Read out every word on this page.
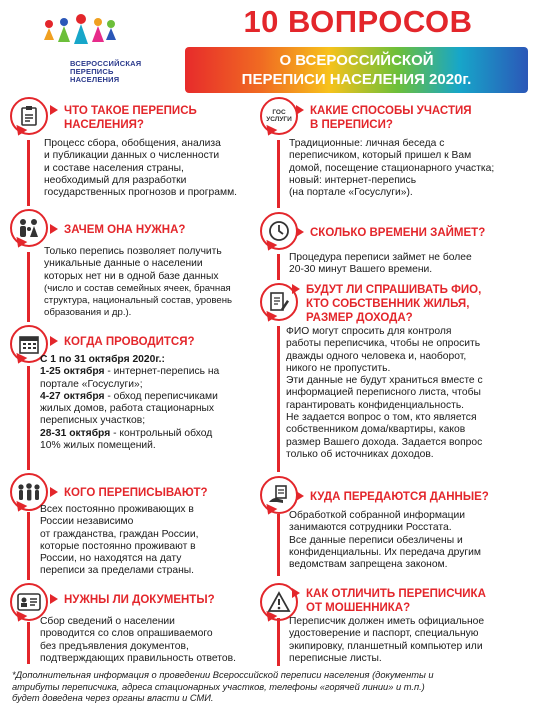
ВСЕРОССИЙСКАЯ
ПЕРЕПИСЬ
НАСЕЛЕНИЯ
10 ВОПРОСОВ
О ВСЕРОССИЙСКОЙ
ПЕРЕПИСИ НАСЕЛЕНИЯ 2020г.
ЧТО ТАКОЕ ПЕРЕПИСЬ
НАСЕЛЕНИЯ?
Процесс сбора, обобщения, анализа
и публикации данных о численности
и составе населения страны,
необходимый для разработки
государственных прогнозов и программ.
ЗАЧЕМ ОНА НУЖНА?
Только перепись позволяет получить
уникальные данные о населении
которых нет ни в одной базе данных
(число и состав семейных ячеек, брачная
структура, национальный состав, уровень
образования и др.).
КОГДА ПРОВОДИТСЯ?
С 1 по 31 октября 2020г.:
1-25 октября - интернет-перепись на
портале «Госуслуги»;
4-27 октября - обход переписчиками
жилых домов, работа стационарных
переписных участков;
28-31 октября - контрольный обход
10% жилых помещений.
КОГО ПЕРЕПИСЫВАЮТ?
Всех постоянно проживающих в
России независимо
от гражданства, граждан России,
которые постоянно проживают в
России, но находятся на дату
переписи за пределами страны.
НУЖНЫ ЛИ ДОКУМЕНТЫ?
Сбор сведений о населении
проводится со слов опрашиваемого
без предъявления документов,
подтверждающих правильность ответов.
ГОС
УСЛУГИ
КАКИЕ СПОСОБЫ УЧАСТИЯ
В ПЕРЕПИСИ?
Традиционные: личная беседа с
переписчиком, который пришел к Вам
домой, посещение стационарного участка;
новый: интернет-перепись
(на портале «Госуслуги»).
СКОЛЬКО ВРЕМЕНИ ЗАЙМЕТ?
Процедура переписи займет не более
20-30 минут Вашего времени.
БУДУТ ЛИ СПРАШИВАТЬ ФИО,
КТО СОБСТВЕННИК ЖИЛЬЯ,
РАЗМЕР ДОХОДА?
ФИО могут спросить для контроля
работы переписчика, чтобы не опросить
дважды одного человека и, наоборот,
никого не пропустить.
Эти данные не будут храниться вместе с
информацией переписного листа, чтобы
гарантировать конфиденциальность.
Не задается вопрос о том, кто является
собственником дома/квартиры, каков
размер Вашего дохода. Задается вопрос
только об источниках доходов.
КУДА ПЕРЕДАЮТСЯ ДАННЫЕ?
Обработкой собранной информации
занимаются сотрудники Росстата.
Все данные переписи обезличены и
конфиденциальны. Их передача другим
ведомствам запрещена законом.
КАК ОТЛИЧИТЬ ПЕРЕПИСЧИКА
ОТ МОШЕННИКА?
Переписчик должен иметь официальное
удостоверение и паспорт, специальную
экипировку, планшетный компьютер или
переписные листы.
*Дополнительная информация о проведении Всероссийской переписи населения (документы и
атрибуты переписчика, адреса стационарных участков, телефоны «горячей линии» и т.п.)
будет доведена через органы власти и СМИ.
